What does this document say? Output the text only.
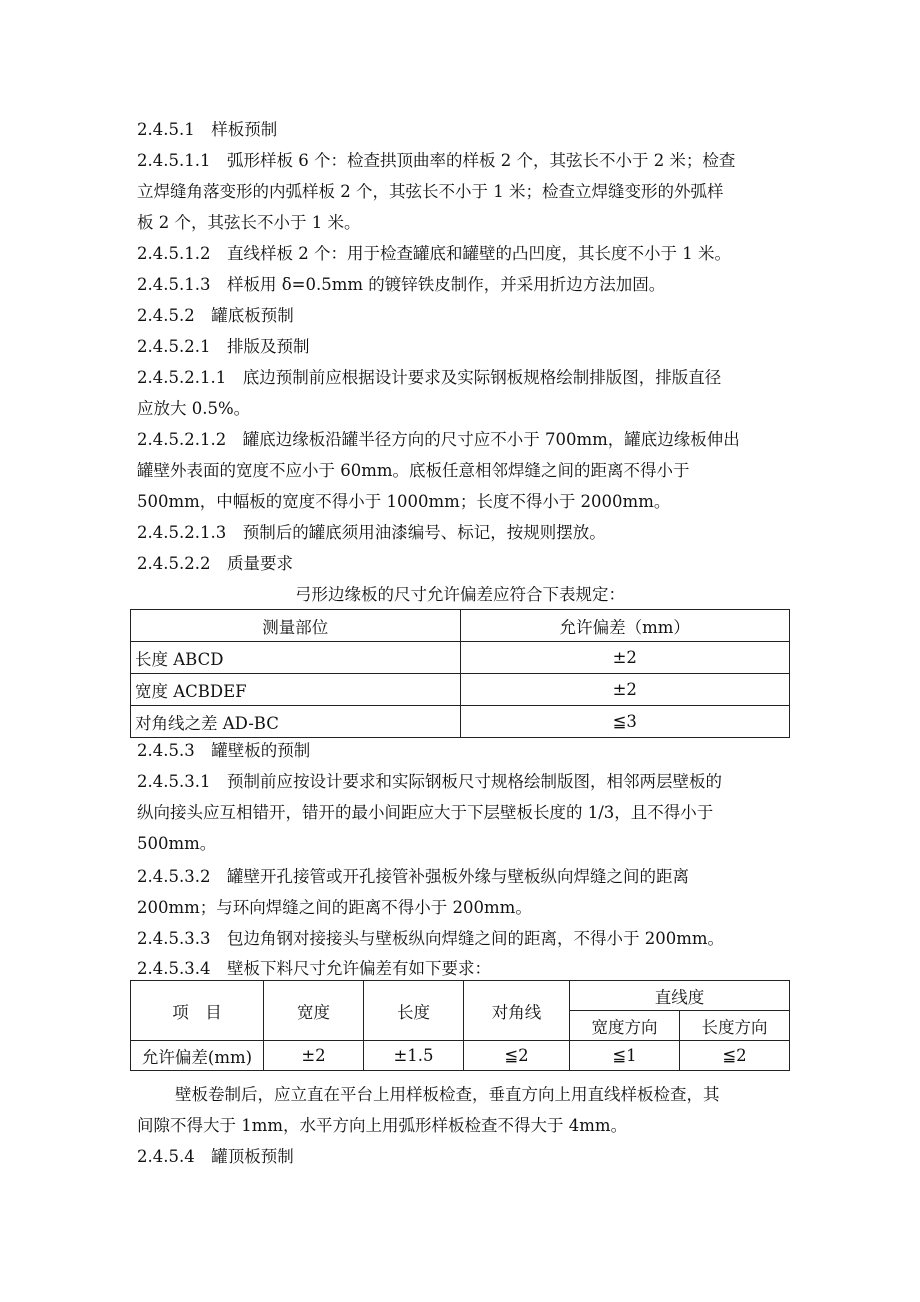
2.4.5.1　样板预制
2.4.5.1.1　弧形样板 6 个：检查拱顶曲率的样板 2 个，其弦长不小于 2 米；检查
立焊缝角落变形的内弧样板 2 个，其弦长不小于 1 米；检查立焊缝变形的外弧样
板 2 个，其弦长不小于 1 米。
2.4.5.1.2　直线样板 2 个：用于检查罐底和罐壁的凸凹度，其长度不小于 1 米。
2.4.5.1.3　样板用 δ=0.5mm 的镀锌铁皮制作，并采用折边方法加固。
2.4.5.2　罐底板预制
2.4.5.2.1　排版及预制
2.4.5.2.1.1　底边预制前应根据设计要求及实际钢板规格绘制排版图，排版直径
应放大 0.5%。
2.4.5.2.1.2　罐底边缘板沿罐半径方向的尺寸应不小于 700mm，罐底边缘板伸出
罐壁外表面的宽度不应小于 60mm。底板任意相邻焊缝之间的距离不得小于
500mm，中幅板的宽度不得小于 1000mm；长度不得小于 2000mm。
2.4.5.2.1.3　预制后的罐底须用油漆编号、标记，按规则摆放。
2.4.5.2.2　质量要求
弓形边缘板的尺寸允许偏差应符合下表规定：
测量部位	允许偏差（mm）
长度 ABCD	±2
宽度 ACBDEF	±2
对角线之差 AD-BC	≦3
2.4.5.3　罐壁板的预制
2.4.5.3.1　预制前应按设计要求和实际钢板尺寸规格绘制版图，相邻两层壁板的
纵向接头应互相错开，错开的最小间距应大于下层壁板长度的 1/3，且不得小于
500mm。
2.4.5.3.2　罐壁开孔接管或开孔接管补强板外缘与壁板纵向焊缝之间的距离
200mm；与环向焊缝之间的距离不得小于 200mm。
2.4.5.3.3　包边角钢对接接头与壁板纵向焊缝之间的距离，不得小于 200mm。
2.4.5.3.4　壁板下料尺寸允许偏差有如下要求：
项　目	宽度	长度	对角线	直线度	
				宽度方向	长度方向
允许偏差(mm)	±2	±1.5	≦2	≦1	≦2
壁板卷制后，应立直在平台上用样板检查，垂直方向上用直线样板检查，其
间隙不得大于 1mm，水平方向上用弧形样板检查不得大于 4mm。
2.4.5.4　罐顶板预制
